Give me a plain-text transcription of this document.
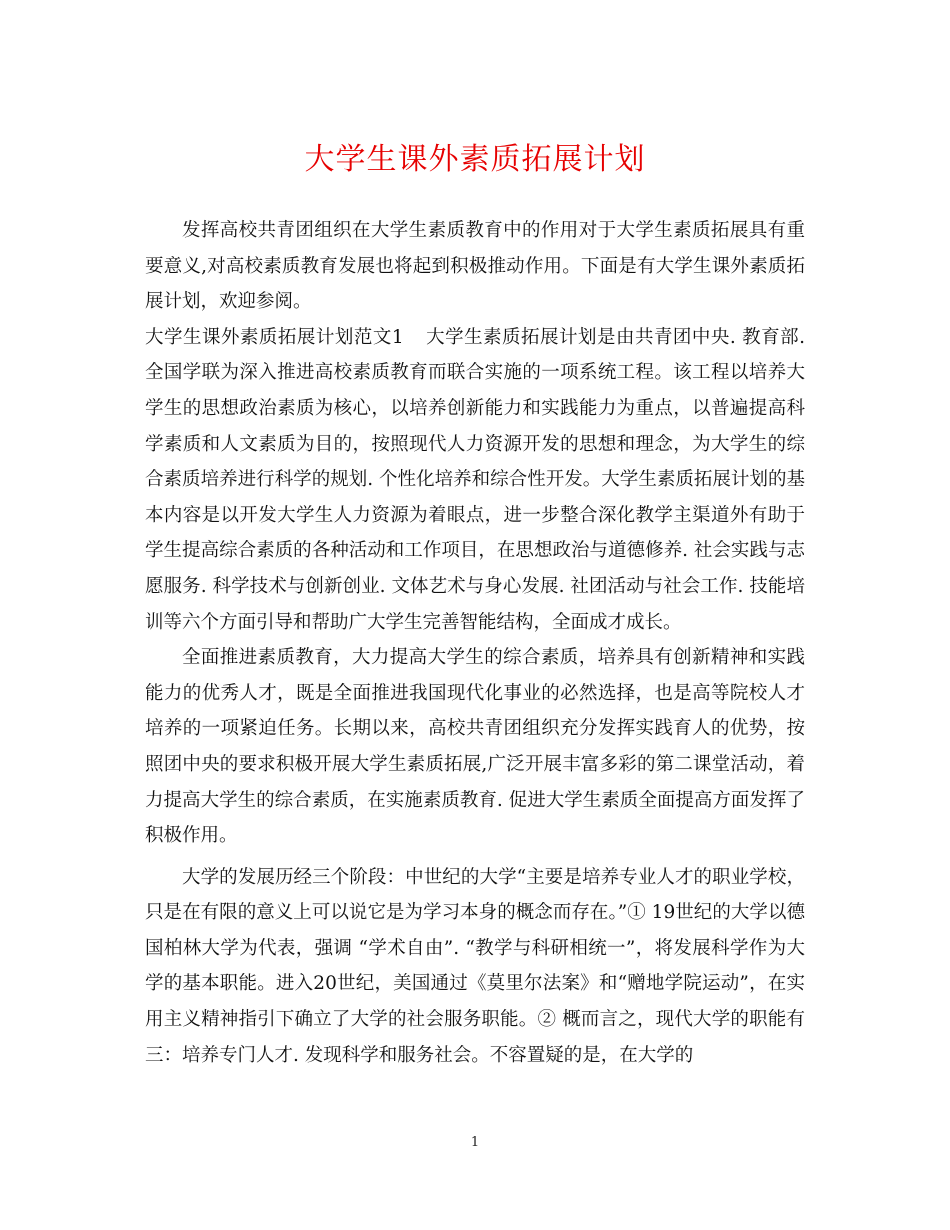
大学生课外素质拓展计划

发挥高校共青团组织在大学生素质教育中的作用对于大学生素质拓展具有重要意义,对高校素质教育发展也将起到积极推动作用。下面是有大学生课外素质拓展计划，欢迎参阅。

大学生课外素质拓展计划范文1 大学生素质拓展计划是由共青团中央. 教育部. 全国学联为深入推进高校素质教育而联合实施的一项系统工程。该工程以培养大学生的思想政治素质为核心，以培养创新能力和实践能力为重点，以普遍提高科学素质和人文素质为目的，按照现代人力资源开发的思想和理念，为大学生的综合素质培养进行科学的规划. 个性化培养和综合性开发。大学生素质拓展计划的基本内容是以开发大学生人力资源为着眼点，进一步整合深化教学主渠道外有助于学生提高综合素质的各种活动和工作项目，在思想政治与道德修养. 社会实践与志愿服务. 科学技术与创新创业. 文体艺术与身心发展. 社团活动与社会工作. 技能培训等六个方面引导和帮助广大学生完善智能结构，全面成才成长。

全面推进素质教育，大力提高大学生的综合素质，培养具有创新精神和实践能力的优秀人才，既是全面推进我国现代化事业的必然选择，也是高等院校人才培养的一项紧迫任务。长期以来，高校共青团组织充分发挥实践育人的优势，按照团中央的要求积极开展大学生素质拓展,广泛开展丰富多彩的第二课堂活动，着力提高大学生的综合素质，在实施素质教育. 促进大学生素质全面提高方面发挥了积极作用。

大学的发展历经三个阶段：中世纪的大学“主要是培养专业人才的职业学校，只是在有限的意义上可以说它是为学习本身的概念而存在。”① 19世纪的大学以德国柏林大学为代表，强调 “学术自由”. “教学与科研相统一”，将发展科学作为大学的基本职能。进入20世纪，美国通过《莫里尔法案》和“赠地学院运动”，在实用主义精神指引下确立了大学的社会服务职能。② 概而言之，现代大学的职能有三：培养专门人才. 发现科学和服务社会。不容置疑的是，在大学的

1
